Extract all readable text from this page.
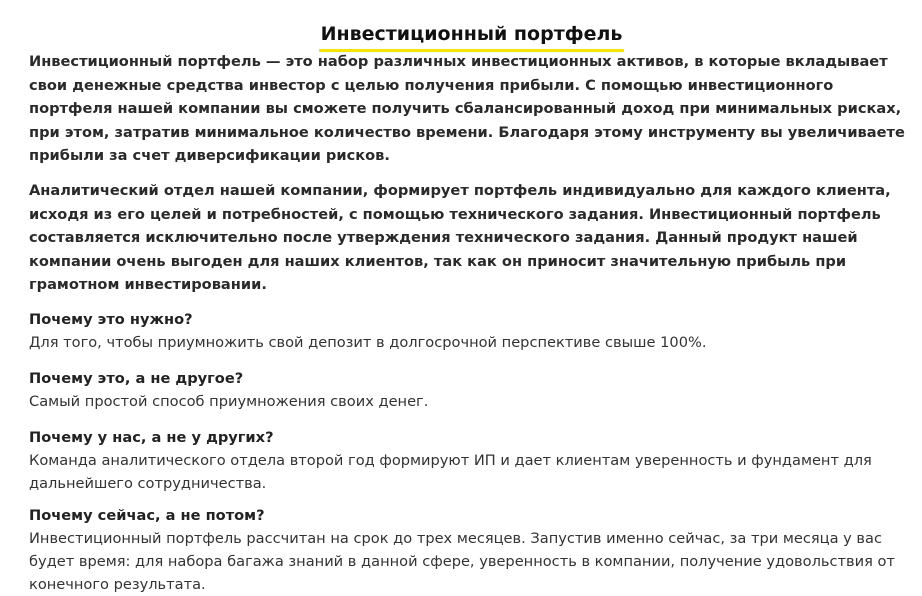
Инвестиционный портфель

Инвестиционный портфель — это набор различных инвестиционных активов, в которые вкладывает свои денежные средства инвестор с целью получения прибыли. С помощью инвестиционного портфеля нашей компании вы сможете получить сбалансированный доход при минимальных рисках, при этом, затратив минимальное количество времени. Благодаря этому инструменту вы увеличиваете прибыли за счет диверсификации рисков.

Аналитический отдел нашей компании, формирует портфель индивидуально для каждого клиента, исходя из его целей и потребностей, с помощью технического задания. Инвестиционный портфель составляется исключительно после утверждения технического задания. Данный продукт нашей компании очень выгоден для наших клиентов, так как он приносит значительную прибыль при грамотном инвестировании.

Почему это нужно?

Для того, чтобы приумножить свой депозит в долгосрочной перспективе свыше 100%.

Почему это, а не другое?

Самый простой способ приумножения своих денег.

Почему у нас, а не у других?

Команда аналитического отдела второй год формируют ИП и дает клиентам уверенность и фундамент для дальнейшего сотрудничества.

Почему сейчас, а не потом?

Инвестиционный портфель рассчитан на срок до трех месяцев. Запустив именно сейчас, за три месяца у вас будет время: для набора багажа знаний в данной сфере, уверенность в компании, получение удовольствия от конечного результата.
